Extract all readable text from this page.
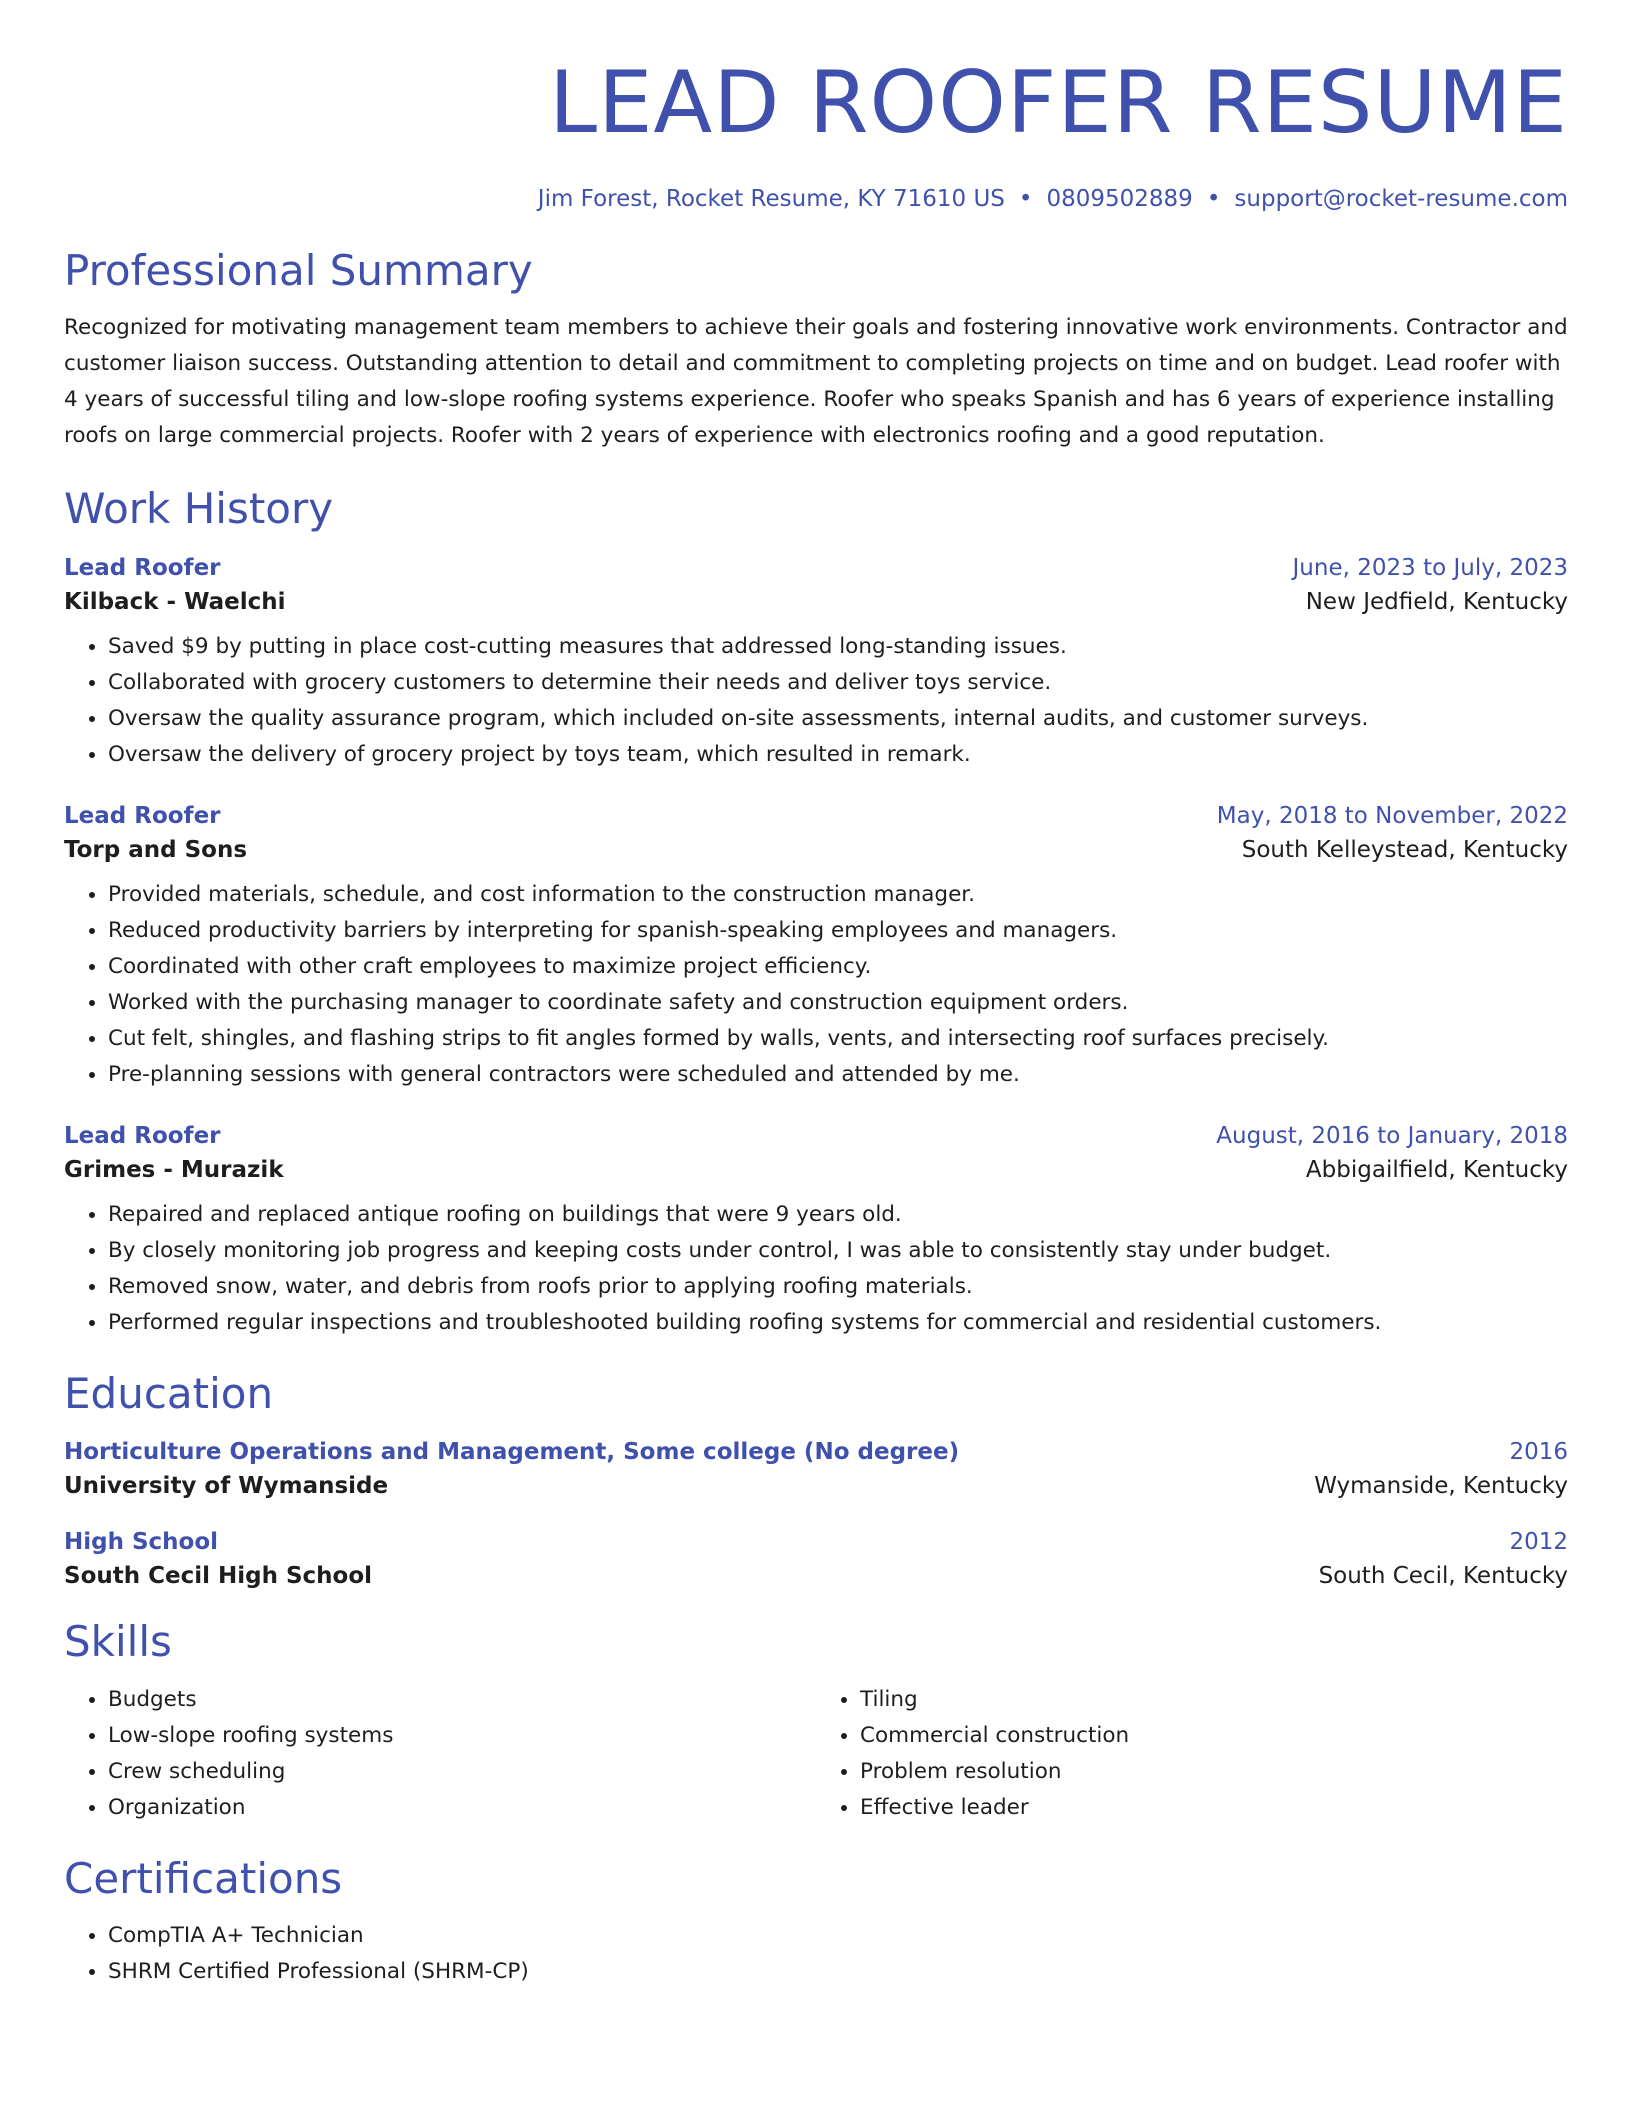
LEAD ROOFER RESUME
Jim Forest, Rocket Resume, KY 71610 US • 0809502889 • support@rocket-resume.com
Professional Summary

Recognized for motivating management team members to achieve their goals and fostering innovative work environments. Contractor and customer liaison success. Outstanding attention to detail and commitment to completing projects on time and on budget. Lead roofer with 4 years of successful tiling and low-slope roofing systems experience. Roofer who speaks Spanish and has 6 years of experience installing roofs on large commercial projects. Roofer with 2 years of experience with electronics roofing and a good reputation.

Work History
Lead Roofer	June, 2023 to July, 2023
Kilback - Waelchi	New Jedfield, Kentucky
• Saved $9 by putting in place cost-cutting measures that addressed long-standing issues.
• Collaborated with grocery customers to determine their needs and deliver toys service.
• Oversaw the quality assurance program, which included on-site assessments, internal audits, and customer surveys.
• Oversaw the delivery of grocery project by toys team, which resulted in remark.
Lead Roofer	May, 2018 to November, 2022
Torp and Sons	South Kelleystead, Kentucky
• Provided materials, schedule, and cost information to the construction manager.
• Reduced productivity barriers by interpreting for spanish-speaking employees and managers.
• Coordinated with other craft employees to maximize project efficiency.
• Worked with the purchasing manager to coordinate safety and construction equipment orders.
• Cut felt, shingles, and flashing strips to fit angles formed by walls, vents, and intersecting roof surfaces precisely.
• Pre-planning sessions with general contractors were scheduled and attended by me.
Lead Roofer	August, 2016 to January, 2018
Grimes - Murazik	Abbigailfield, Kentucky
• Repaired and replaced antique roofing on buildings that were 9 years old.
• By closely monitoring job progress and keeping costs under control, I was able to consistently stay under budget.
• Removed snow, water, and debris from roofs prior to applying roofing materials.
• Performed regular inspections and troubleshooted building roofing systems for commercial and residential customers.
Education
Horticulture Operations and Management, Some college (No degree)	2016
University of Wymanside	Wymanside, Kentucky
High School	2012
South Cecil High School	South Cecil, Kentucky
Skills
• Budgets
• Low-slope roofing systems
• Crew scheduling
• Organization
• Tiling
• Commercial construction
• Problem resolution
• Effective leader
Certifications
• CompTIA A+ Technician
• SHRM Certified Professional (SHRM-CP)
